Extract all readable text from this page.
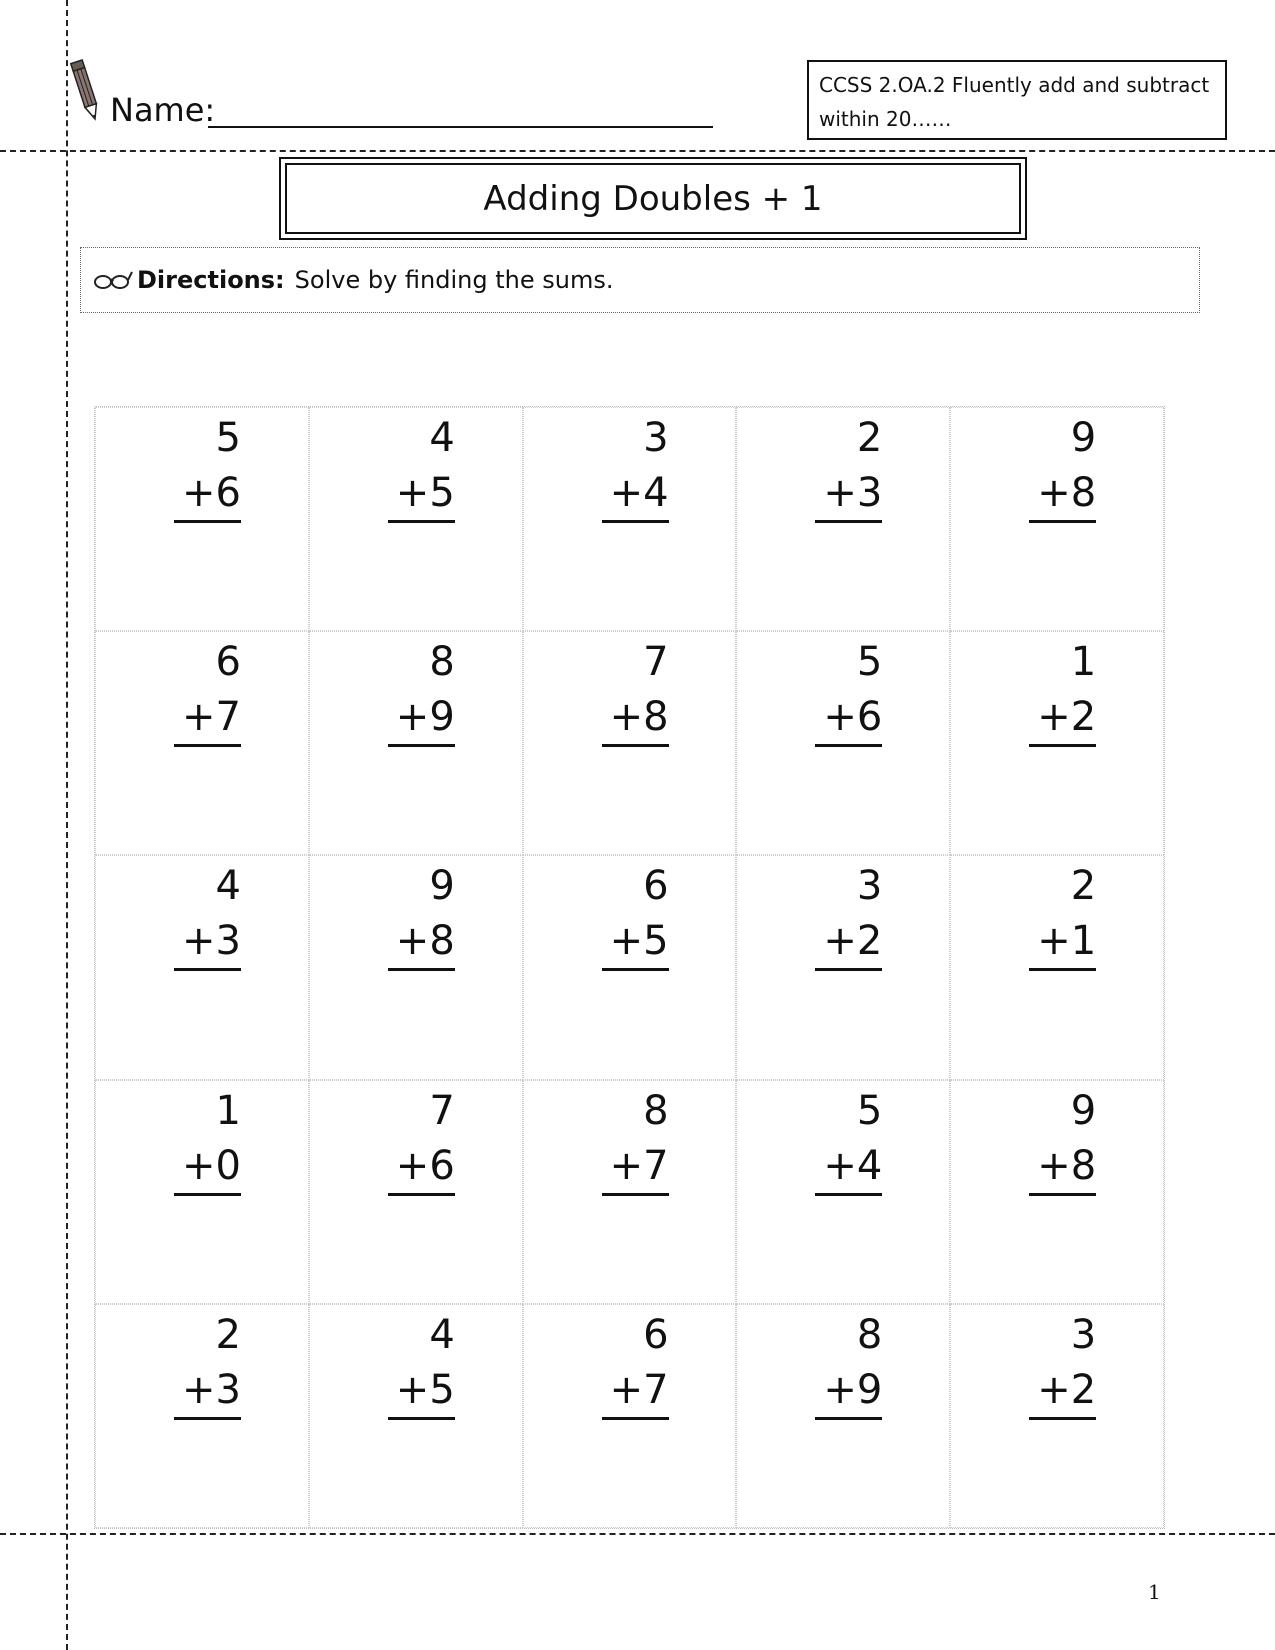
Name:
CCSS 2.OA.2 Fluently add and subtract within 20……
Adding Doubles + 1
Directions: Solve by finding the sums.
5
+6
4
+5
3
+4
2
+3
9
+8
6
+7
8
+9
7
+8
5
+6
1
+2
4
+3
9
+8
6
+5
3
+2
2
+1
1
+0
7
+6
8
+7
5
+4
9
+8
2
+3
4
+5
6
+7
8
+9
3
+2
1
